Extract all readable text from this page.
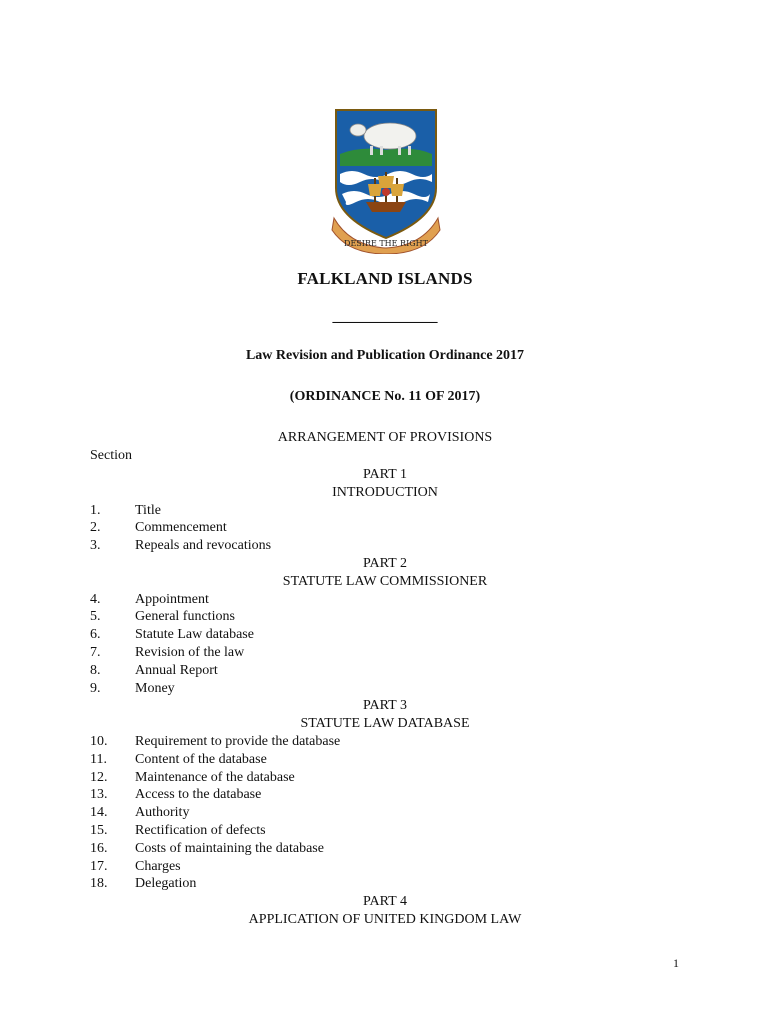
DESIRE THE RIGHT
FALKLAND ISLANDS
______________
Law Revision and Publication Ordinance 2017
(ORDINANCE No. 11 OF 2017)
ARRANGEMENT OF PROVISIONS
Section
PART 1
INTRODUCTION
1. Title
2. Commencement
3. Repeals and revocations
PART 2
STATUTE LAW COMMISSIONER
4. Appointment
5. General functions
6. Statute Law database
7. Revision of the law
8. Annual Report
9. Money
PART 3
STATUTE LAW DATABASE
10. Requirement to provide the database
11. Content of the database
12. Maintenance of the database
13. Access to the database
14. Authority
15. Rectification of defects
16. Costs of maintaining the database
17. Charges
18. Delegation
PART 4
APPLICATION OF UNITED KINGDOM LAW
1
